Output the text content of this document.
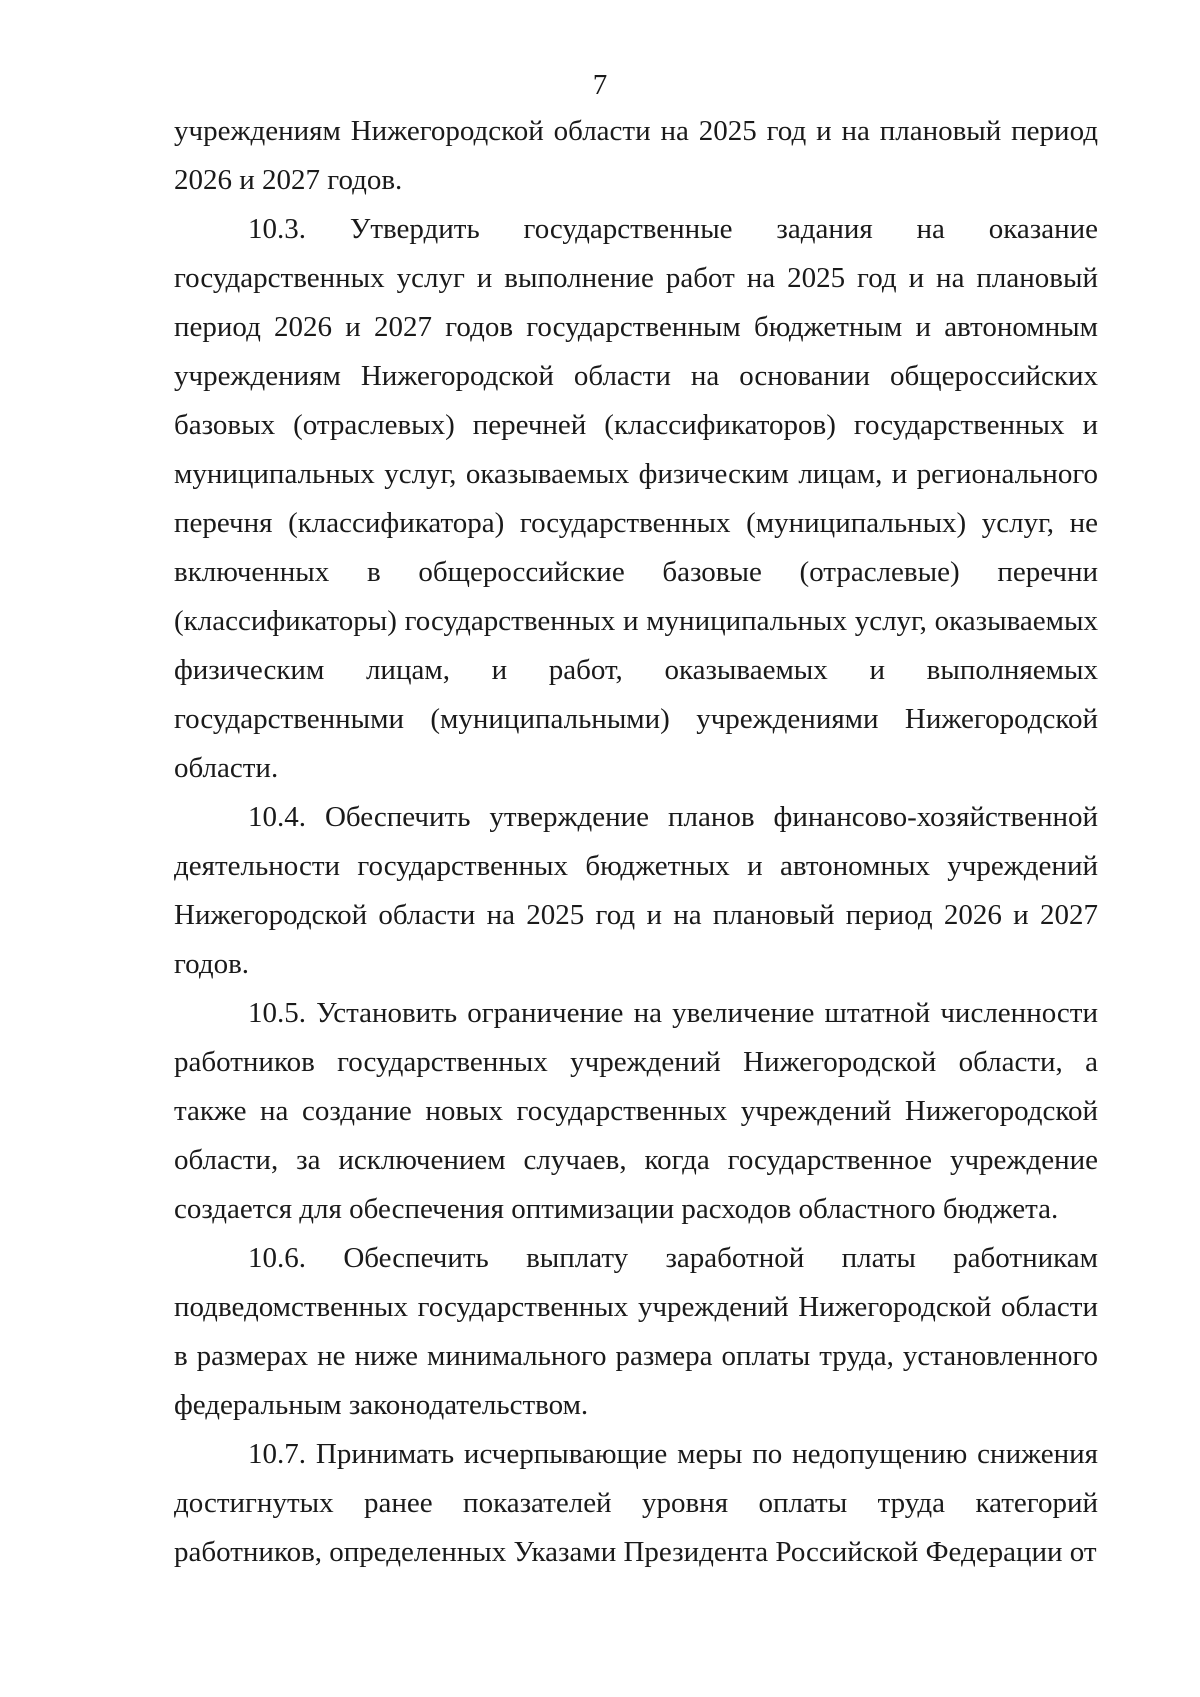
7

учреждениям Нижегородской области на 2025 год и на плановый период 2026 и 2027 годов.

10.3. Утвердить государственные задания на оказание государственных услуг и выполнение работ на 2025 год и на плановый период 2026 и 2027 годов государственным бюджетным и автономным учреждениям Нижегородской области на основании общероссийских базовых (отраслевых) перечней (классификаторов) государственных и муниципальных услуг, оказываемых физическим лицам, и регионального перечня (классификатора) государственных (муниципальных) услуг, не включенных в общероссийские базовые (отраслевые) перечни (классификаторы) государственных и муниципальных услуг, оказываемых физическим лицам, и работ, оказываемых и выполняемых государственными (муниципальными) учреждениями Нижегородской области.

10.4. Обеспечить утверждение планов финансово-хозяйственной деятельности государственных бюджетных и автономных учреждений Нижегородской области на 2025 год и на плановый период 2026 и 2027 годов.

10.5. Установить ограничение на увеличение штатной численности работников государственных учреждений Нижегородской области, а также на создание новых государственных учреждений Нижегородской области, за исключением случаев, когда государственное учреждение создается для обеспечения оптимизации расходов областного бюджета.

10.6. Обеспечить выплату заработной платы работникам подведомственных государственных учреждений Нижегородской области в размерах не ниже минимального размера оплаты труда, установленного федеральным законодательством.

10.7. Принимать исчерпывающие меры по недопущению снижения достигнутых ранее показателей уровня оплаты труда категорий работников, определенных Указами Президента Российской Федерации от
